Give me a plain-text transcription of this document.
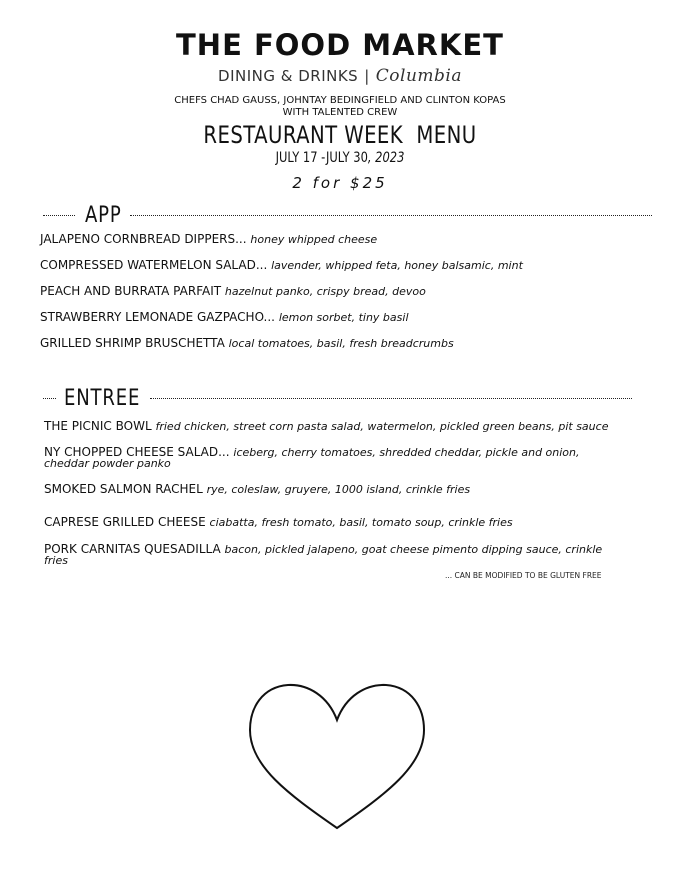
THE FOOD MARKET
DINING & DRINKS | Columbia
CHEFS CHAD GAUSS, JOHNTAY BEDINGFIELD AND CLINTON KOPAS
WITH TALENTED CREW
RESTAURANT WEEK  MENU
JULY 17 -JULY 30, 2023
2 for $25
APP
JALAPENO CORNBREAD DIPPERS... honey whipped cheese
COMPRESSED WATERMELON SALAD... lavender, whipped feta, honey balsamic, mint
PEACH AND BURRATA PARFAIT hazelnut panko, crispy bread, devoo
STRAWBERRY LEMONADE GAZPACHO... lemon sorbet, tiny basil
GRILLED SHRIMP BRUSCHETTA local tomatoes, basil, fresh breadcrumbs
ENTREE
THE PICNIC BOWL fried chicken, street corn pasta salad, watermelon, pickled green beans, pit sauce
NY CHOPPED CHEESE SALAD... iceberg, cherry tomatoes, shredded cheddar, pickle and onion, cheddar powder panko
SMOKED SALMON RACHEL rye, coleslaw, gruyere, 1000 island, crinkle fries
CAPRESE GRILLED CHEESE ciabatta, fresh tomato, basil, tomato soup, crinkle fries
PORK CARNITAS QUESADILLA bacon, pickled jalapeno, goat cheese pimento dipping sauce, crinkle fries
... CAN BE MODIFIED TO BE GLUTEN FREE
